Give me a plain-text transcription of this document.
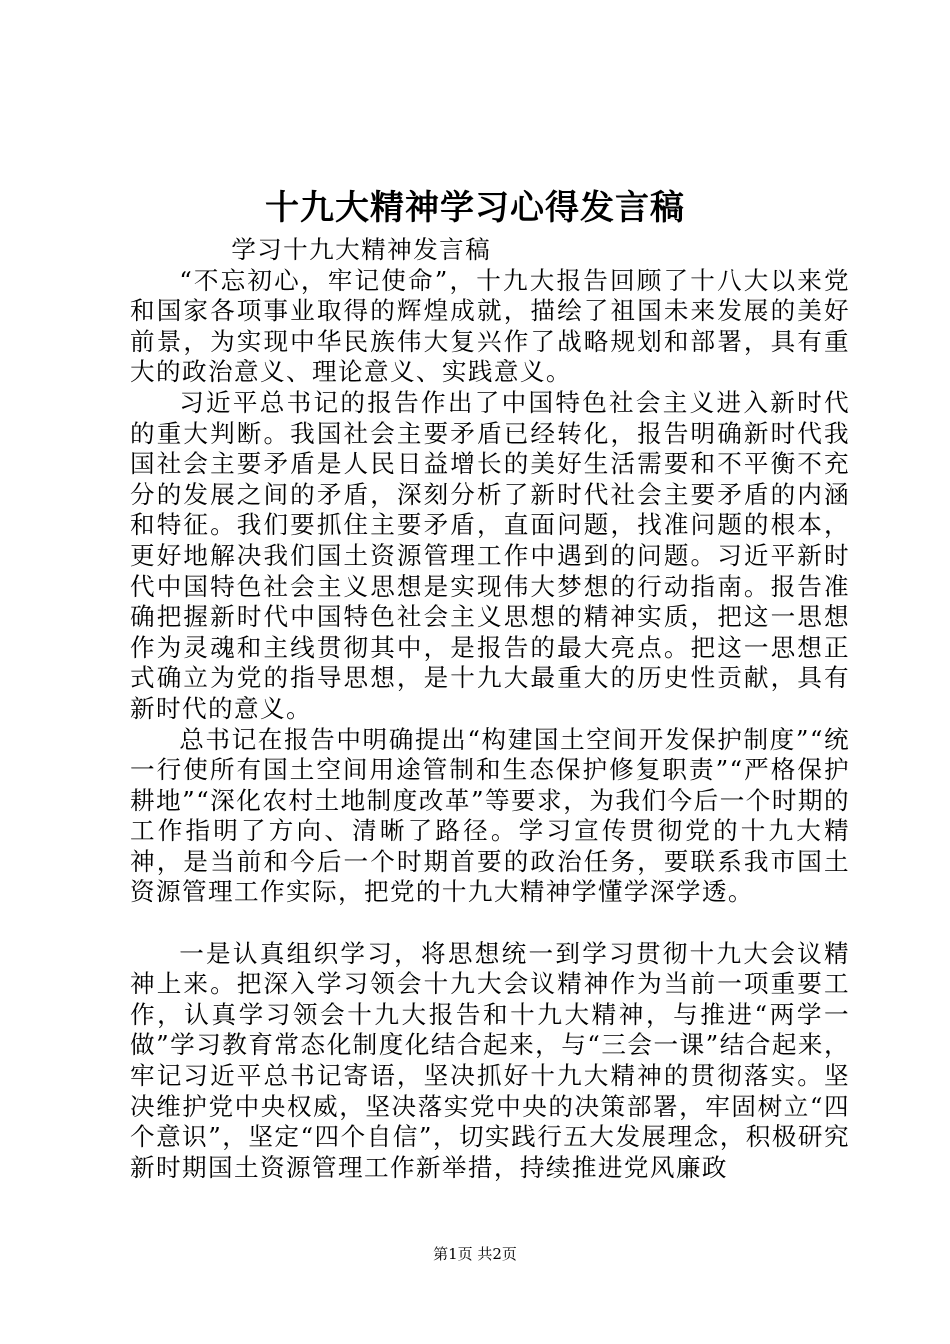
十九大精神学习心得发言稿

　　学习十九大精神发言稿

“不忘初心，牢记使命”，十九大报告回顾了十八大以来党和国家各项事业取得的辉煌成就，描绘了祖国未来发展的美好前景，为实现中华民族伟大复兴作了战略规划和部署，具有重大的政治意义、理论意义、实践意义。

习近平总书记的报告作出了中国特色社会主义进入新时代的重大判断。我国社会主要矛盾已经转化，报告明确新时代我国社会主要矛盾是人民日益增长的美好生活需要和不平衡不充分的发展之间的矛盾，深刻分析了新时代社会主要矛盾的内涵和特征。我们要抓住主要矛盾，直面问题，找准问题的根本，更好地解决我们国土资源管理工作中遇到的问题。习近平新时代中国特色社会主义思想是实现伟大梦想的行动指南。报告准确把握新时代中国特色社会主义思想的精神实质，把这一思想作为灵魂和主线贯彻其中，是报告的最大亮点。把这一思想正式确立为党的指导思想，是十九大最重大的历史性贡献，具有新时代的意义。

总书记在报告中明确提出“构建国土空间开发保护制度”“统一行使所有国土空间用途管制和生态保护修复职责”“严格保护耕地”“深化农村土地制度改革”等要求，为我们今后一个时期的工作指明了方向、清晰了路径。学习宣传贯彻党的十九大精神，是当前和今后一个时期首要的政治任务，要联系我市国土资源管理工作实际，把党的十九大精神学懂学深学透。

一是认真组织学习，将思想统一到学习贯彻十九大会议精神上来。把深入学习领会十九大会议精神作为当前一项重要工作，认真学习领会十九大报告和十九大精神，与推进“两学一做”学习教育常态化制度化结合起来，与“三会一课”结合起来，牢记习近平总书记寄语，坚决抓好十九大精神的贯彻落实。坚决维护党中央权威，坚决落实党中央的决策部署，牢固树立“四个意识”，坚定“四个自信”，切实践行五大发展理念，积极研究新时期国土资源管理工作新举措，持续推进党风廉政

第1页 共2页
